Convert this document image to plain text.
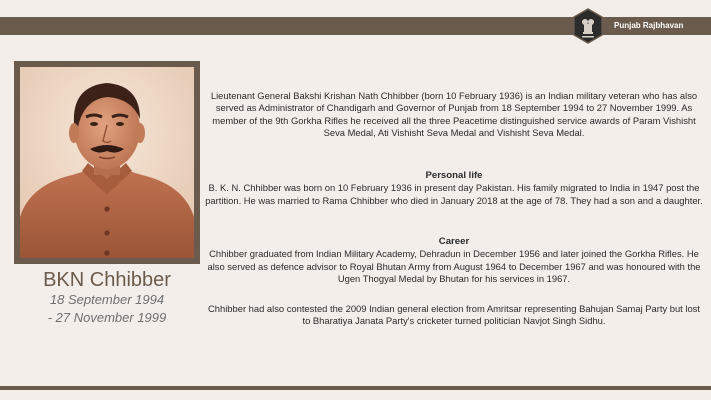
Punjab Rajbhavan
BKN Chhibber
18 September 1994
- 27 November 1999

Lieutenant General Bakshi Krishan Nath Chhibber (born 10 February 1936) is an Indian military veteran who has also served as Administrator of Chandigarh and Governor of Punjab from 18 September 1994 to 27 November 1999. As member of the 9th Gorkha Rifles he received all the three Peacetime distinguished service awards of Param Vishisht Seva Medal, Ati Vishisht Seva Medal and Vishisht Seva Medal.

Personal life

B. K. N. Chhibber was born on 10 February 1936 in present day Pakistan. His family migrated to India in 1947 post the partition. He was married to Rama Chhibber who died in January 2018 at the age of 78. They had a son and a daughter.

Career

Chhibber graduated from Indian Military Academy, Dehradun in December 1956 and later joined the Gorkha Rifles. He also served as defence advisor to Royal Bhutan Army from August 1964 to December 1967 and was honoured with the Ugen Thogyal Medal by Bhutan for his services in 1967.

Chhibber had also contested the 2009 Indian general election from Amritsar representing Bahujan Samaj Party but lost to Bharatiya Janata Party's cricketer turned politician Navjot Singh Sidhu.
